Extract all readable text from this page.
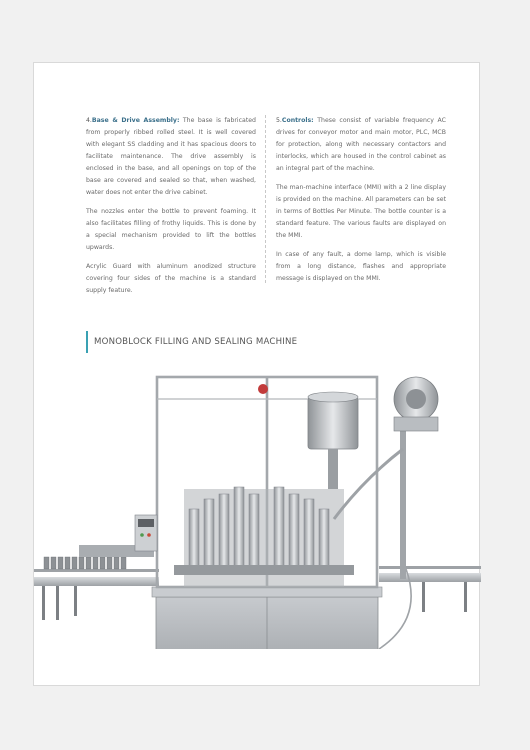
4.Base & Drive Assembly: The base is fabricated from properly ribbed rolled steel. It is well covered with elegant SS cladding and it has spacious doors to facilitate maintenance. The drive assembly is enclosed in the base, and all openings on top of the base are covered and sealed so that, when washed, water does not enter the drive cabinet.

The nozzles enter the bottle to prevent foaming. It also facilitates filling of frothy liquids. This is done by a special mechanism provided to lift the bottles upwards.

Acrylic Guard with aluminum anodized structure covering four sides of the machine is a standard supply feature.

5.Controls: These consist of variable frequency AC drives for conveyor motor and main motor, PLC, MCB for protection, along with necessary contactors and interlocks, which are housed in the control cabinet as an integral part of the machine.

The man-machine interface (MMI) with a 2 line display is provided on the machine. All parameters can be set in terms of Bottles Per Minute. The bottle counter is a standard feature. The various faults are displayed on the MMI.

In case of any fault, a dome lamp, which is visible from a long distance, flashes and appropriate message is displayed on the MMI.

MONOBLOCK FILLING AND SEALING MACHINE
